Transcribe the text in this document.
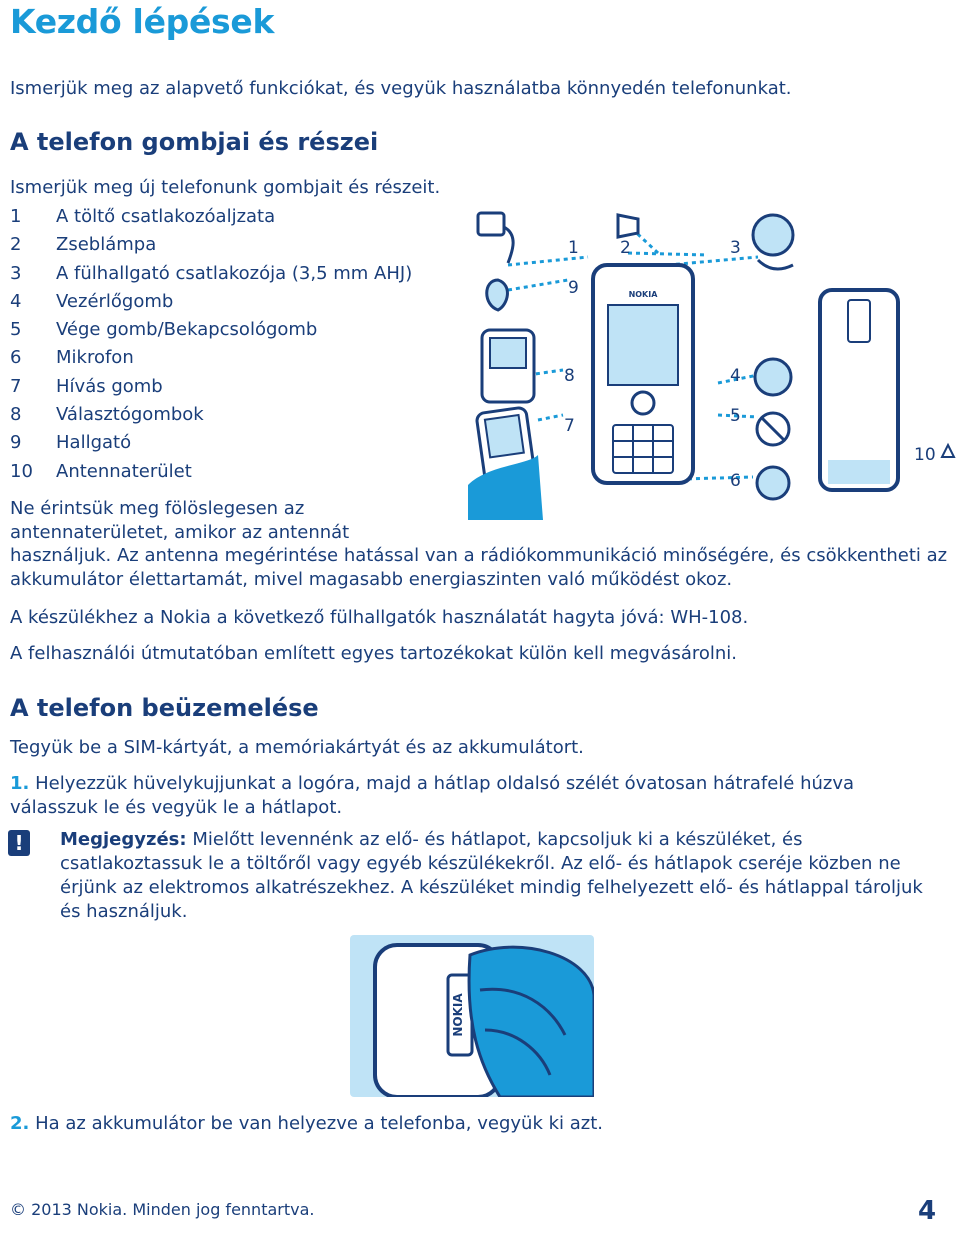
Kezdő lépések
Ismerjük meg az alapvető funkciókat, és vegyük használatba könnyedén telefonunkat.
A telefon gombjai és részei
Ismerjük meg új telefonunk gombjait és részeit.
1 A töltő csatlakozóaljzata
2 Zseblámpa
3 A fülhallgató csatlakozója (3,5 mm AHJ)
4 Vezérlőgomb
5 Vége gomb/Bekapcsológomb
6 Mikrofon
7 Hívás gomb
8 Választógombok
9 Hallgató
10 Antennaterület
NOKIA
1 2	3
9
8	4
7	5
6
10
Ne érintsük meg fölöslegesen az
antennaterületet, amikor az antennát
használjuk. Az antenna megérintése hatással van a rádiókommunikáció minőségére, és csökkentheti az akkumulátor élettartamát, mivel magasabb energiaszinten való működést okoz.
A készülékhez a Nokia a következő fülhallgatók használatát hagyta jóvá: WH-108.
A felhasználói útmutatóban említett egyes tartozékokat külön kell megvásárolni.
A telefon beüzemelése
Tegyük be a SIM-kártyát, a memóriakártyát és az akkumulátort.
1. Helyezzük hüvelykujjunkat a logóra, majd a hátlap oldalsó szélét óvatosan hátrafelé húzva válasszuk le és vegyük le a hátlapot.
!	Megjegyzés: Mielőtt levennénk az elő- és hátlapot, kapcsoljuk ki a készüléket, és csatlakoztassuk le a töltőről vagy egyéb készülékekről. Az elő- és hátlapok cseréje közben ne érjünk az elektromos alkatrészekhez. A készüléket mindig felhelyezett elő- és hátlappal tároljuk és használjuk.
NOKIA
2. Ha az akkumulátor be van helyezve a telefonba, vegyük ki azt.
© 2013 Nokia. Minden jog fenntartva.	4
